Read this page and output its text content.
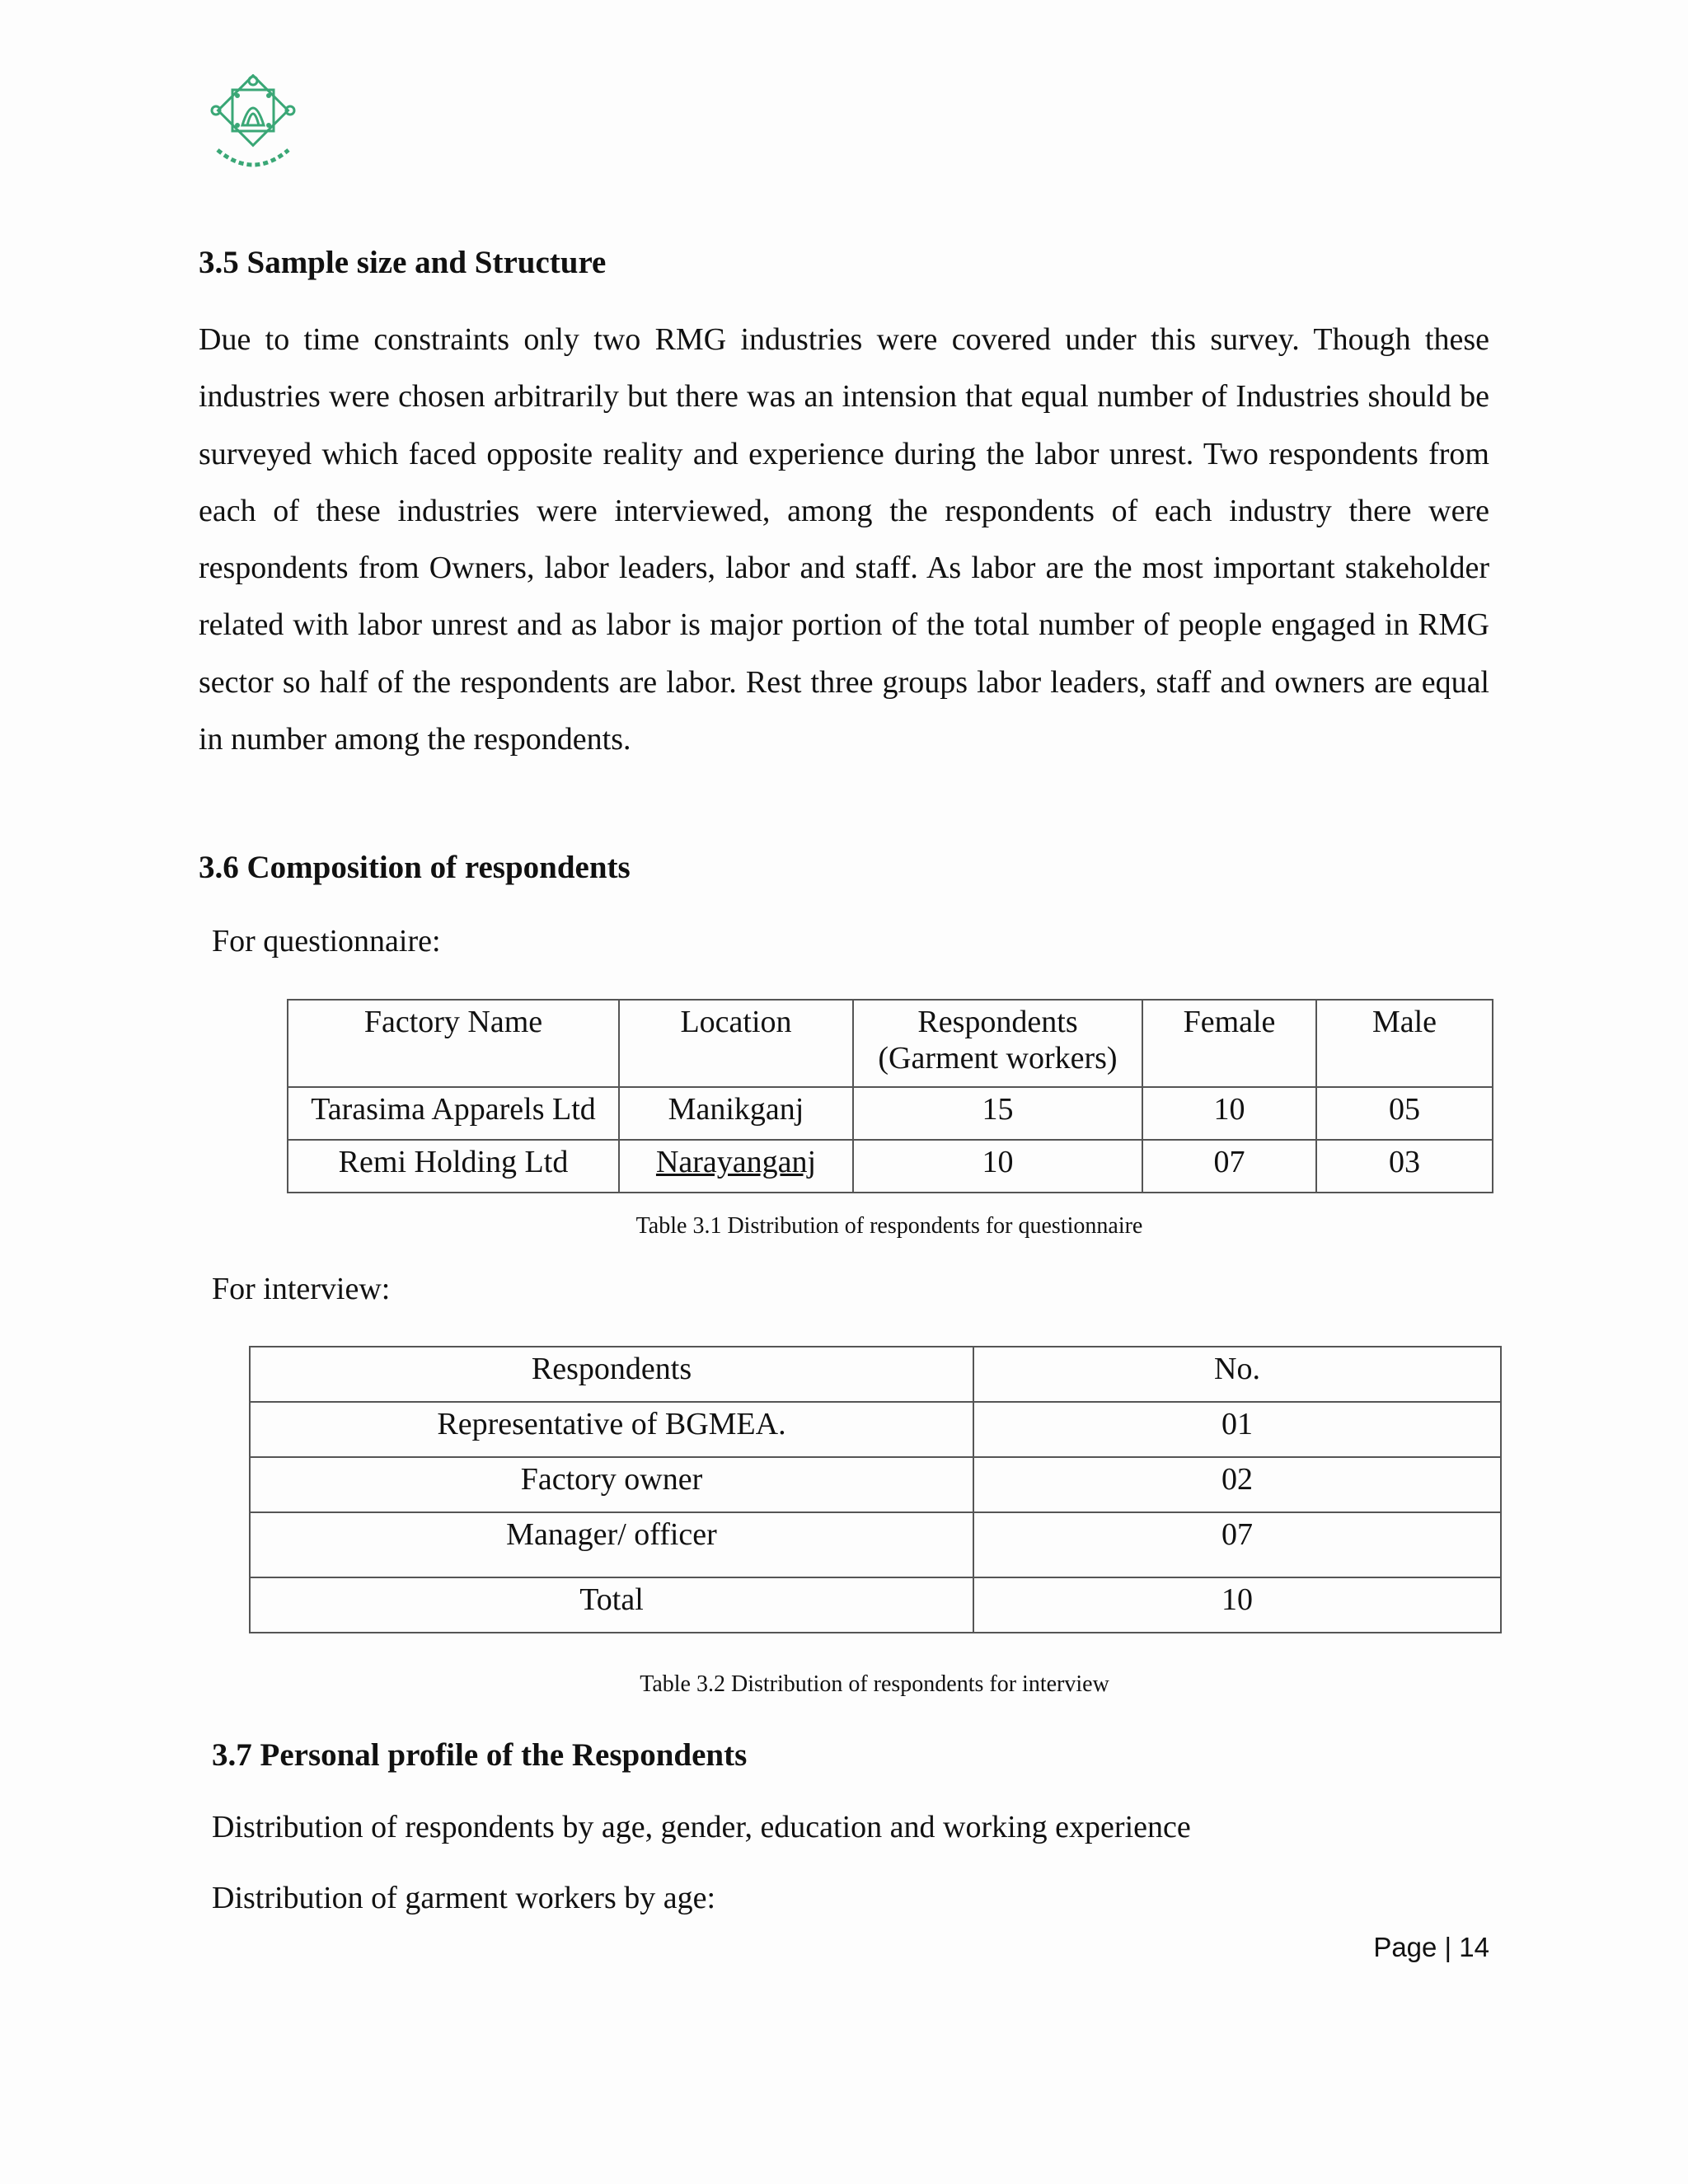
3.5 Sample size and Structure

Due to time constraints only two RMG industries were covered under this survey. Though these industries were chosen arbitrarily but there was an intension that equal number of Industries should be surveyed which faced opposite reality and experience during the labor unrest. Two respondents from each of these industries were interviewed, among the respondents of each industry there were respondents from Owners, labor leaders, labor and staff. As labor are the most important stakeholder related with labor unrest and as labor is major portion of the total number of people engaged in RMG sector so half of the respondents are labor. Rest three groups labor leaders, staff and owners are equal in number among the respondents.

3.6 Composition of respondents

For questionnaire:

Factory Name	Location	Respondents (Garment workers)	Female	Male
Tarasima Apparels Ltd	Manikganj	15	10	05
Remi Holding Ltd	Narayanganj	10	07	03
Table 3.1 Distribution of respondents for questionnaire

For interview:

Respondents	No.
Representative of BGMEA.	01
Factory owner	02
Manager/ officer	07
Total	10
Table 3.2 Distribution of respondents for interview
3.7 Personal profile of the Respondents

Distribution of respondents by age, gender, education and working experience

Distribution of garment workers by age:

Page | 14
